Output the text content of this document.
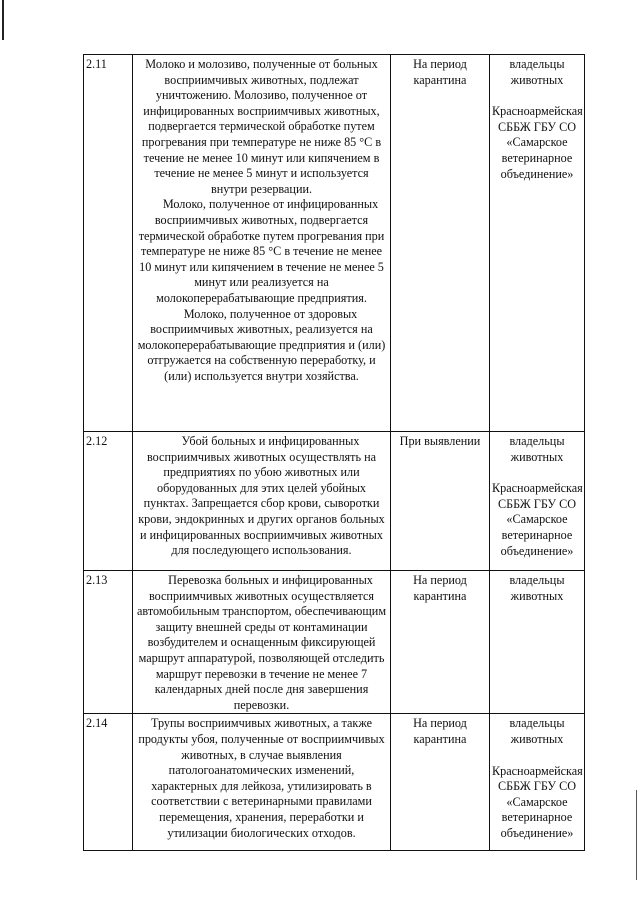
2.11	Молоко и молозиво, полученные от больных восприимчивых животных, подлежат уничтожению. Молозиво, полученное от инфицированных восприимчивых животных, подвергается термической обработке путем прогревания при температуре не ниже 85 °С в течение не менее 10 минут или кипячением в течение не менее 5 минут и используется внутри резервации.
Молоко, полученное от инфицированных восприимчивых животных, подвергается термической обработке путем прогревания при температуре не ниже 85 °С в течение не менее 10 минут или кипячением в течение не менее 5 минут или реализуется на молокоперерабатывающие предприятия.
Молоко, полученное от здоровых восприимчивых животных, реализуется на молокоперерабатывающие предприятия и (или) отгружается на собственную переработку, и (или) используется внутри хозяйства.	На период карантина	владельцы животных
Красноармейская СББЖ ГБУ СО «Самарское ветеринарное объединение»

2.12	Убой больных и инфицированных восприимчивых животных осуществлять на предприятиях по убою животных или оборудованных для этих целей убойных пунктах. Запрещается сбор крови, сыворотки крови, эндокринных и других органов больных и инфицированных восприимчивых животных для последующего использования.	При выявлении	владельцы животных
Красноармейская СББЖ ГБУ СО «Самарское ветеринарное объединение»

2.13	Перевозка больных и инфицированных восприимчивых животных осуществляется автомобильным транспортом, обеспечивающим защиту внешней среды от контаминации возбудителем и оснащенным фиксирующей маршрут аппаратурой, позволяющей отследить маршрут перевозки в течение не менее 7 календарных дней после дня завершения перевозки.	На период карантина	владельцы животных

2.14	Трупы восприимчивых животных, а также продукты убоя, полученные от восприимчивых животных, в случае выявления патологоанатомических изменений, характерных для лейкоза, утилизировать в соответствии с ветеринарными правилами перемещения, хранения, переработки и утилизации биологических отходов.	На период карантина	владельцы животных
Красноармейская СББЖ ГБУ СО «Самарское ветеринарное объединение»
